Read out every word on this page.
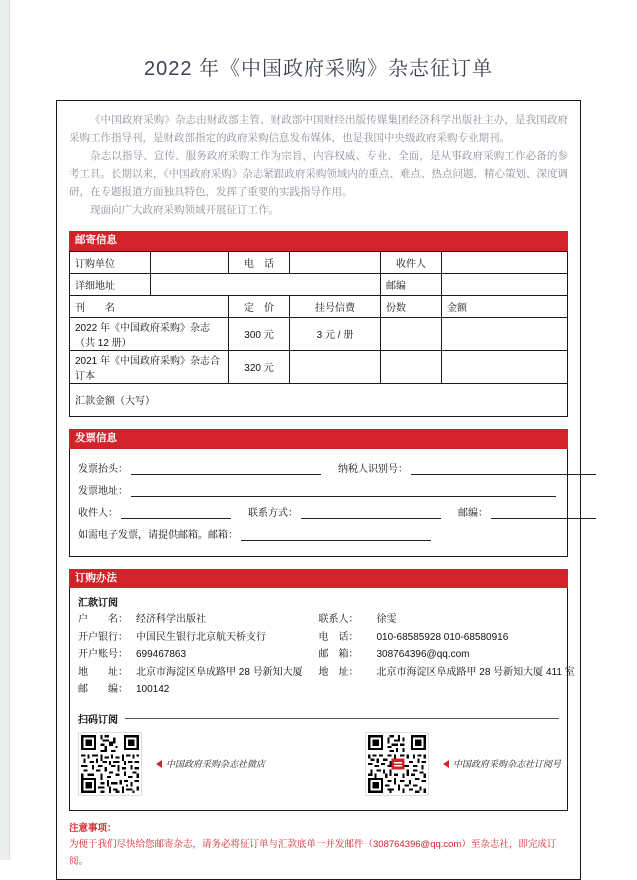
2022 年《中国政府采购》杂志征订单

《中国政府采购》杂志由财政部主管、财政部中国财经出版传媒集团经济科学出版社主办，是我国政府采购工作指导刊，是财政部指定的政府采购信息发布媒体，也是我国中央级政府采购专业期刊。

杂志以指导、宣传、服务政府采购工作为宗旨，内容权威、专业、全面，是从事政府采购工作必备的参考工具。长期以来，《中国政府采购》杂志紧跟政府采购领域内的重点、难点、热点问题，精心策划、深度调研，在专题报道方面独具特色，发挥了重要的实践指导作用。

现面向广大政府采购领域开展征订工作。

邮寄信息
订购单位		电　话		收件人	
详细地址				邮编	
刊　　名		定　价	挂号信费	份数	金额
2022 年《中国政府采购》杂志（共 12 册）		300 元	3 元 / 册		
2021 年《中国政府采购》杂志合订本		320 元			
汇款金额（大写）					
发票信息
发票抬头：	纳税人识别号：
发票地址：
收件人：	联系方式：	邮编：
如需电子发票，请提供邮箱。邮箱：
订购办法
汇款订阅
户　　名： 经济科学出版社
开户银行： 中国民生银行北京航天桥支行
开户账号： 699467863
地　　址： 北京市海淀区阜成路甲 28 号新知大厦
邮　　编： 100142
联系人：	徐雯
电　话：	010-68585928 010-68580916
邮　箱：	308764396@qq.com
地　址：	北京市海淀区阜成路甲 28 号新知大厦 411 室
扫码订阅
中国政府采购杂志社微店	中国政府采购杂志社订阅号
注意事项：
为便于我们尽快给您邮寄杂志，请务必将征订单与汇款底单一并发邮件（308764396@qq.com）至杂志社，即完成订阅。
